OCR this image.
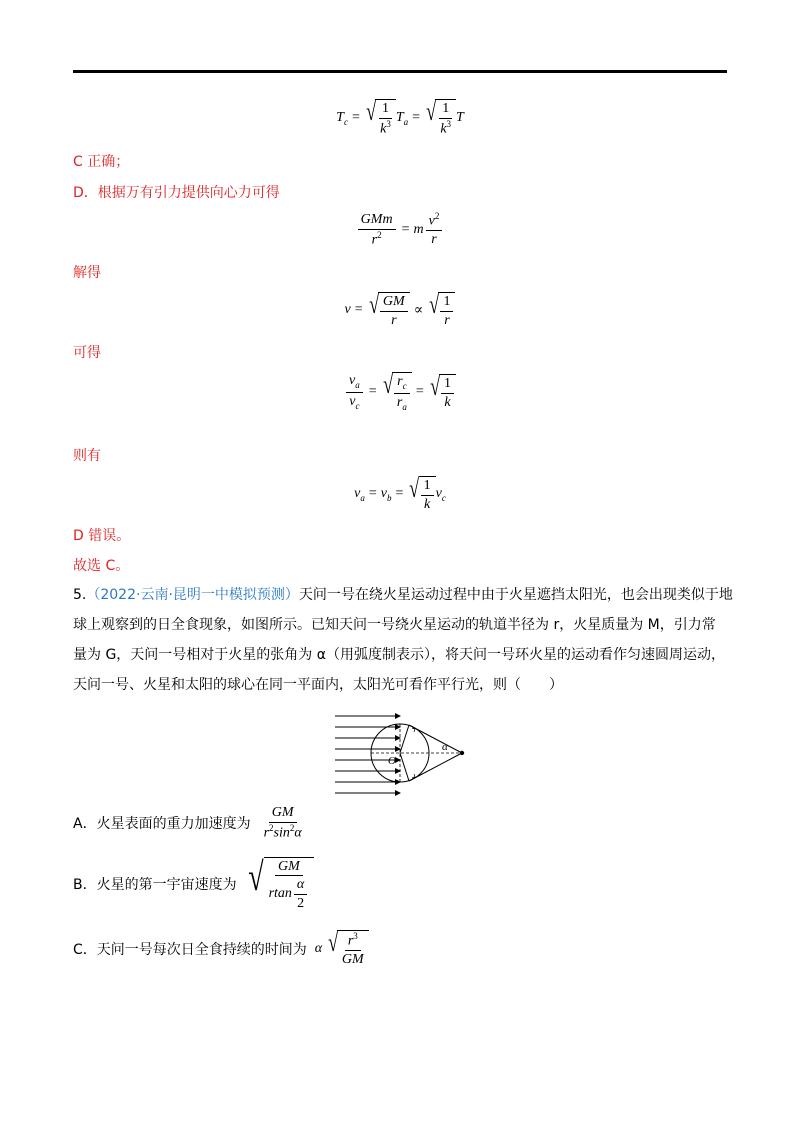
$T_c$ = √ $\frac{1}{k^3} T_a$ = √ $\frac{1}{k^3}$ T
C 正确；
D．根据万有引力提供向心力可得
$\frac{\text{GMm}}{r^2} = m \frac{v^2}{r}$
解得
v = √ $\frac{GM}{r}$ ∝ √ $\frac{1}{r}$
可得
$\frac{v_a}{v_c}$ = √ $\frac{r_c}{r_a}$ = √ $\frac{1}{k}$
则有
$v_a = v_b$ = √ $\frac{1}{k} v_c$
D 错误。
故选 C。
5.（2022·云南·昆明一中模拟预测）天问一号在绕火星运动过程中由于火星遮挡太阳光，也会出现类似于地
球上观察到的日全食现象，如图所示。已知天问一号绕火星运动的轨道半径为 r，火星质量为 M，引力常
量为 G，天问一号相对于火星的张角为 α（用弧度制表示），将天问一号环火星的运动看作匀速圆周运动，
天问一号、火星和太阳的球心在同一平面内，太阳光可看作平行光，则（　　）
O
α
A．火星表面的重力加速度为 $\frac{GM}{r^2\sin^2\alpha}$
B．火星的第一宇宙速度为 √ $\frac{GM}{rtan \frac{\alpha}{2}}$
C．天问一号每次日全食持续的时间为 α √ $\frac{r^3}{GM}$
